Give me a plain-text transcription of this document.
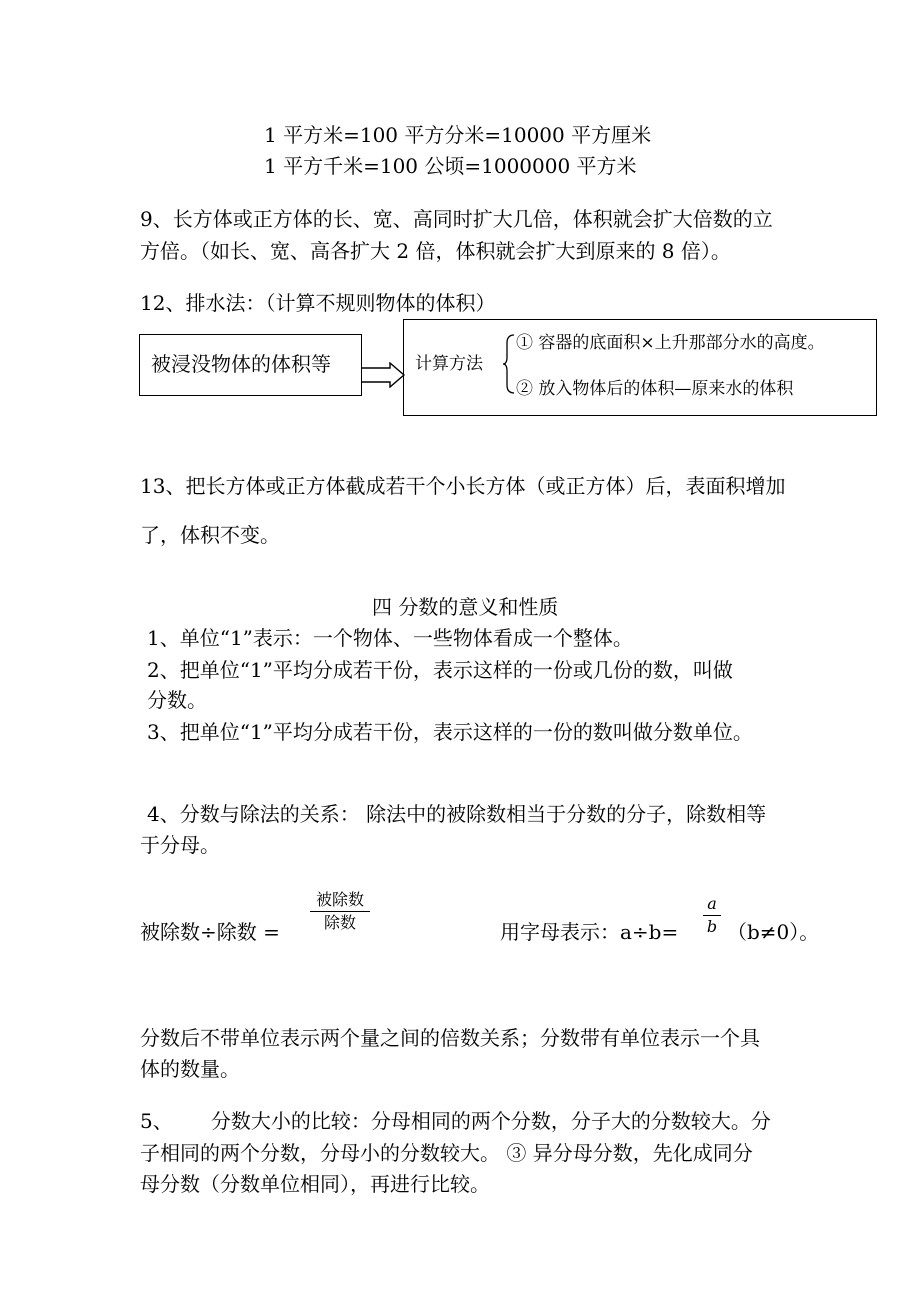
1 平方米=100 平方分米=10000 平方厘米
1 平方千米=100 公顷=1000000 平方米
9、长方体或正方体的长、宽、高同时扩大几倍，体积就会扩大倍数的立
方倍。（如长、宽、高各扩大 2 倍，体积就会扩大到原来的 8 倍）。
12、排水法：（计算不规则物体的体积）
被浸没物体的体积等	计算方法
① 容器的底面积×上升那部分水的高度。
② 放入物体后的体积—原来水的体积
13、把长方体或正方体截成若干个小长方体（或正方体）后，表面积增加
了，体积不变。
四 分数的意义和性质
1、单位“1”表示：一个物体、一些物体看成一个整体。
2、把单位“1”平均分成若干份，表示这样的一份或几份的数，叫做
分数。
3、把单位“1”平均分成若干份，表示这样的一份的数叫做分数单位。
4、分数与除法的关系： 除法中的被除数相当于分数的分子，除数相等
于分母。
被除数÷除数 =
被除数
除数	用字母表示：a÷b=
a
b （b≠0）。
分数后不带单位表示两个量之间的倍数关系；分数带有单位表示一个具
体的数量。
5、      分数大小的比较：分母相同的两个分数，分子大的分数较大。分
子相同的两个分数，分母小的分数较大。 ③ 异分母分数，先化成同分
母分数（分数单位相同），再进行比较。
